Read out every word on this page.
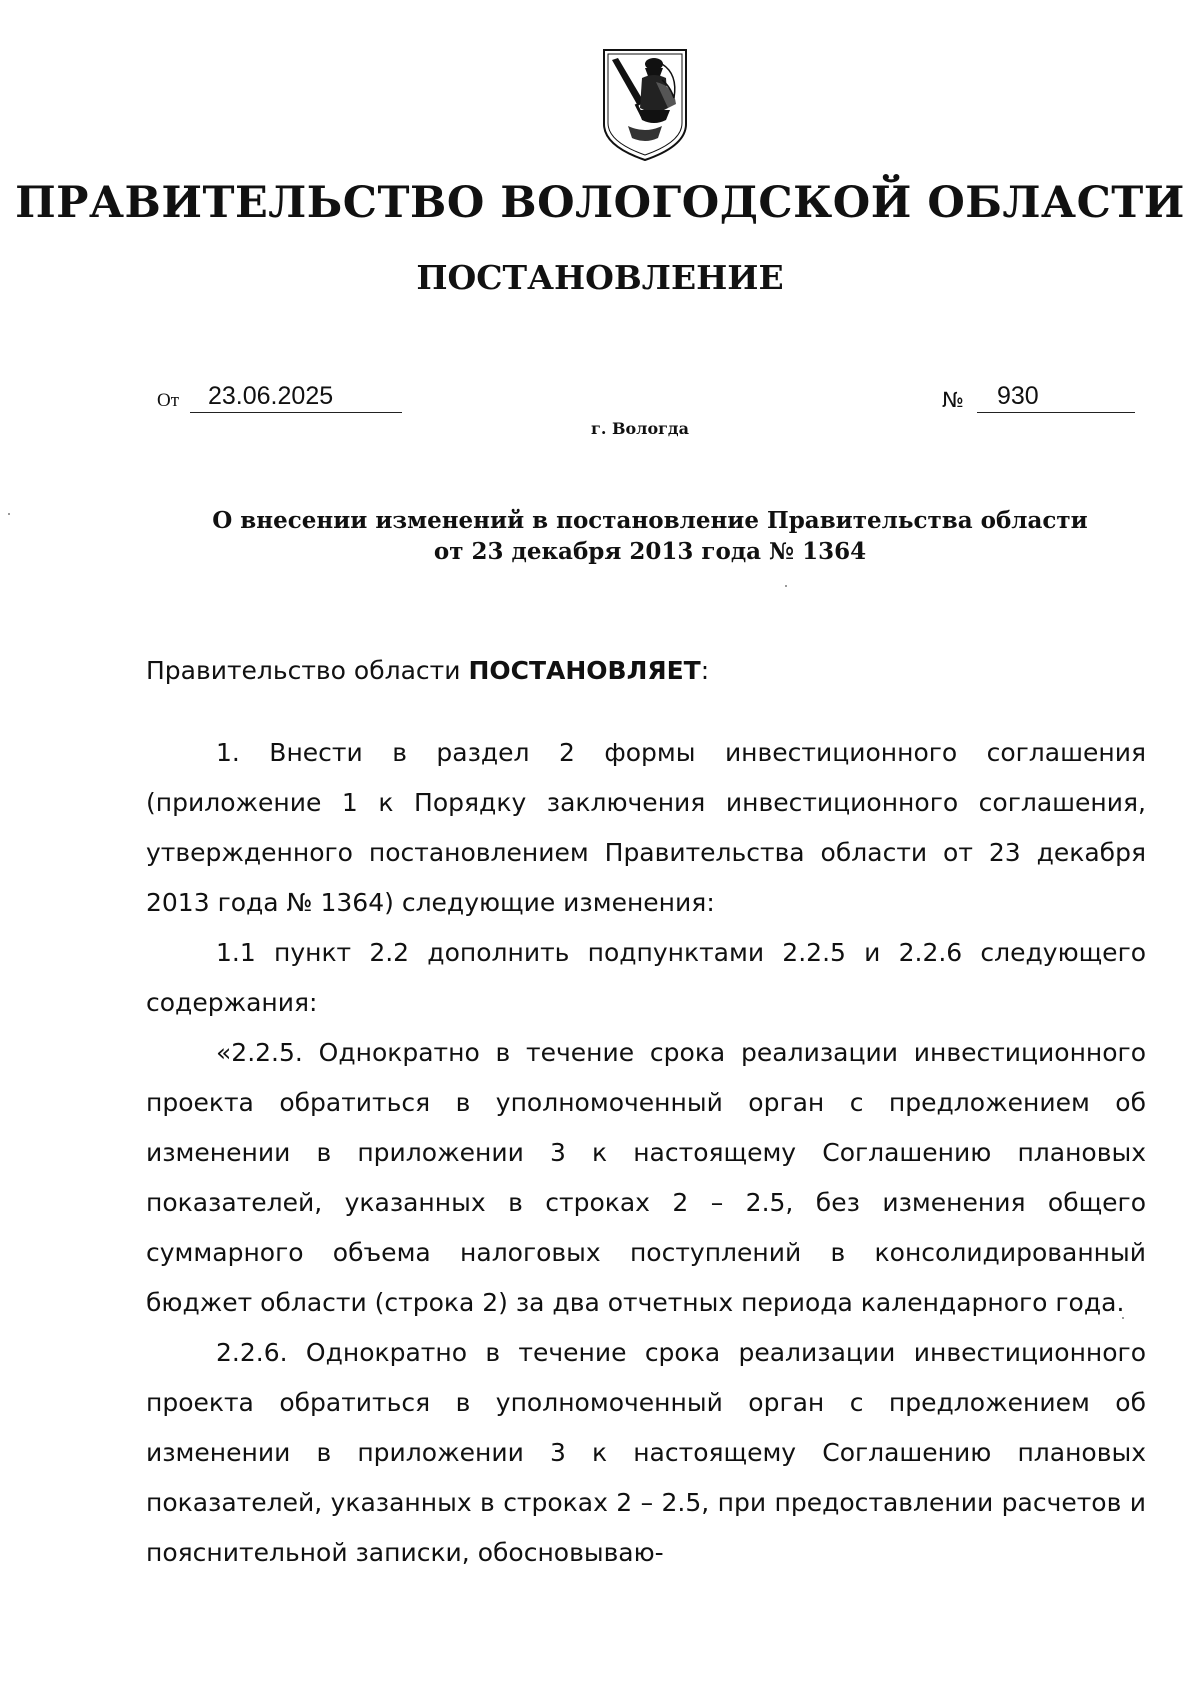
ПРАВИТЕЛЬСТВО ВОЛОГОДСКОЙ ОБЛАСТИ
ПОСТАНОВЛЕНИЕ
От	23.06.2025	№	930
г. Вологда
О внесении изменений в постановление Правительства области
от 23 декабря 2013 года № 1364
Правительство области ПОСТАНОВЛЯЕТ:

1. Внести в раздел 2 формы инвестиционного соглашения (приложение 1 к Порядку заключения инвестиционного соглашения, утвержденного постановлением Правительства области от 23 декабря 2013 года № 1364) следующие изменения:

1.1 пункт 2.2 дополнить подпунктами 2.2.5 и 2.2.6 следующего содержания:

«2.2.5. Однократно в течение срока реализации инвестиционного проекта обратиться в уполномоченный орган с предложением об изменении в приложении 3 к настоящему Соглашению плановых показателей, указанных в строках 2 – 2.5, без изменения общего суммарного объема налоговых поступлений в консолидированный бюджет области (строка 2) за два отчетных периода календарного года.

2.2.6. Однократно в течение срока реализации инвестиционного проекта обратиться в уполномоченный орган с предложением об изменении в приложении 3 к настоящему Соглашению плановых показателей, указанных в строках 2 – 2.5, при предоставлении расчетов и пояснительной записки, обосновываю-
